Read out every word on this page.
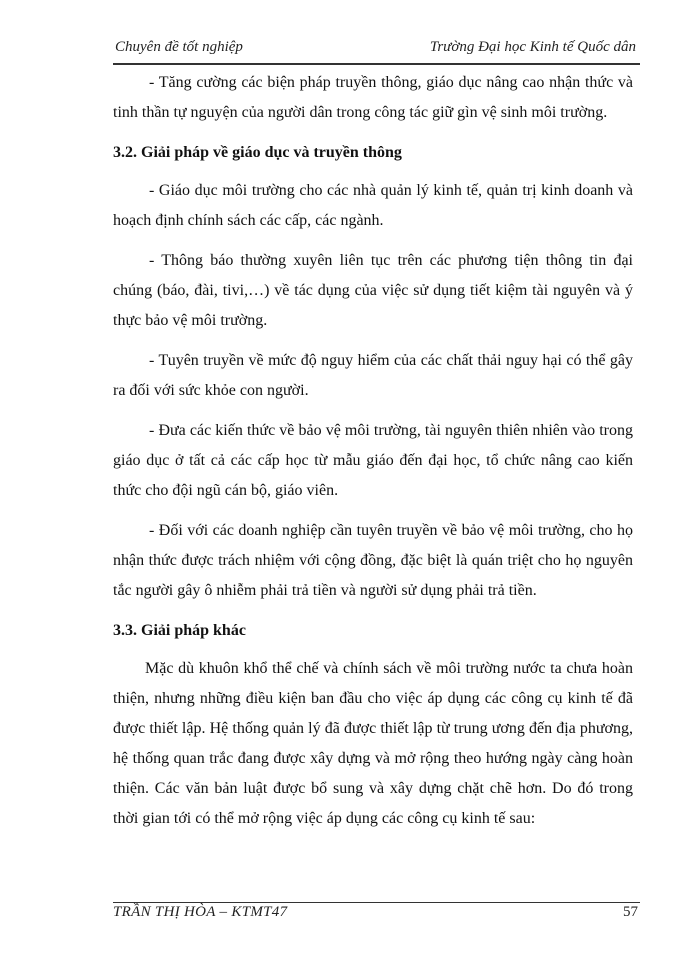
Chuyên đề tốt nghiệp	Trường Đại học Kinh tế Quốc dân

- Tăng cường các biện pháp truyền thông, giáo dục nâng cao nhận thức và tinh thần tự nguyện của người dân trong công tác giữ gìn vệ sinh môi trường.

3.2. Giải pháp về giáo dục và truyền thông

- Giáo dục môi trường cho các nhà quản lý kinh tế, quản trị kinh doanh và hoạch định chính sách các cấp, các ngành.

- Thông báo thường xuyên liên tục trên các phương tiện thông tin đại chúng (báo, đài, tivi,…) về tác dụng của việc sử dụng tiết kiệm tài nguyên và ý thực bảo vệ môi trường.

- Tuyên truyền về mức độ nguy hiểm của các chất thải nguy hại có thể gây ra đối với sức khỏe con người.

- Đưa các kiến thức về bảo vệ môi trường, tài nguyên thiên nhiên vào trong giáo dục ở tất cả các cấp học từ mẫu giáo đến đại học, tổ chức nâng cao kiến thức cho đội ngũ cán bộ, giáo viên.

- Đối với các doanh nghiệp cần tuyên truyền về bảo vệ môi trường, cho họ nhận thức được trách nhiệm với cộng đồng, đặc biệt là quán triệt cho họ nguyên tắc người gây ô nhiễm phải trả tiền và người sử dụng phải trả tiền.

3.3. Giải pháp khác

Mặc dù khuôn khổ thể chế và chính sách về môi trường nước ta chưa hoàn thiện, nhưng những điều kiện ban đầu cho việc áp dụng các công cụ kinh tế đã được thiết lập. Hệ thống quản lý đã được thiết lập từ trung ương đến địa phương, hệ thống quan trắc đang được xây dựng và mở rộng theo hướng ngày càng hoàn thiện. Các văn bản luật được bổ sung và xây dựng chặt chẽ hơn. Do đó trong thời gian tới có thể mở rộng việc áp dụng các công cụ kinh tế sau:

TRẦN THỊ HÒA – KTMT47	57
